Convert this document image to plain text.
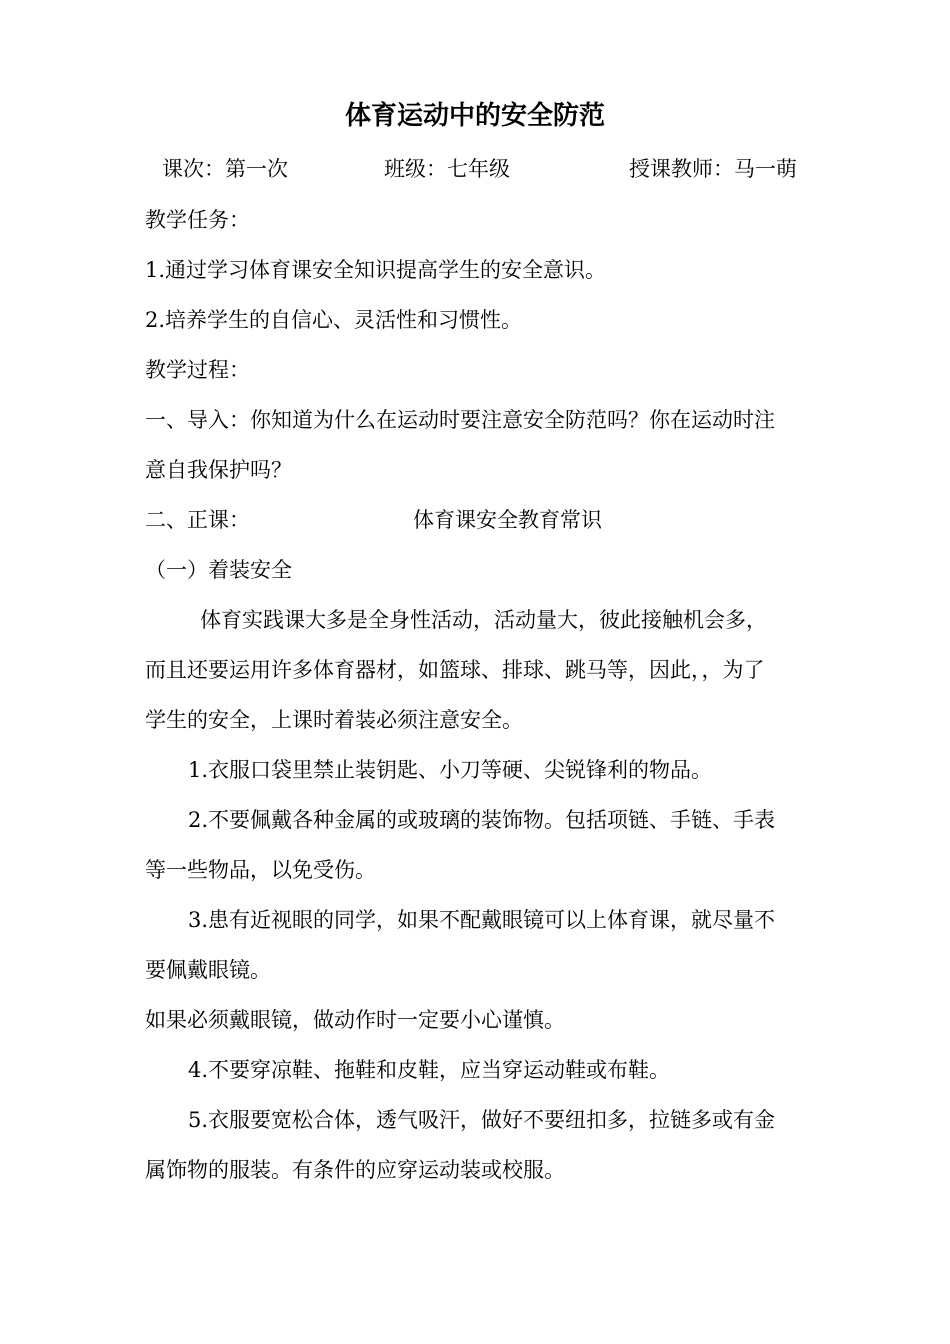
体育运动中的安全防范
课次：第一次	班级：七年级	授课教师：马一萌
教学任务：
1.通过学习体育课安全知识提高学生的安全意识。
2.培养学生的自信心、灵活性和习惯性。
教学过程：
一、导入：你知道为什么在运动时要注意安全防范吗？你在运动时注
意自我保护吗？
二、正课：	体育课安全教育常识
（一）着装安全
体育实践课大多是全身性活动，活动量大，彼此接触机会多，
而且还要运用许多体育器材，如篮球、排球、跳马等，因此，，为了
学生的安全，上课时着装必须注意安全。
1.衣服口袋里禁止装钥匙、小刀等硬、尖锐锋利的物品。
2.不要佩戴各种金属的或玻璃的装饰物。包括项链、手链、手表
等一些物品，以免受伤。
3.患有近视眼的同学，如果不配戴眼镜可以上体育课，就尽量不
要佩戴眼镜。
如果必须戴眼镜，做动作时一定要小心谨慎。
4.不要穿凉鞋、拖鞋和皮鞋，应当穿运动鞋或布鞋。
5.衣服要宽松合体，透气吸汗，做好不要纽扣多，拉链多或有金
属饰物的服装。有条件的应穿运动装或校服。
